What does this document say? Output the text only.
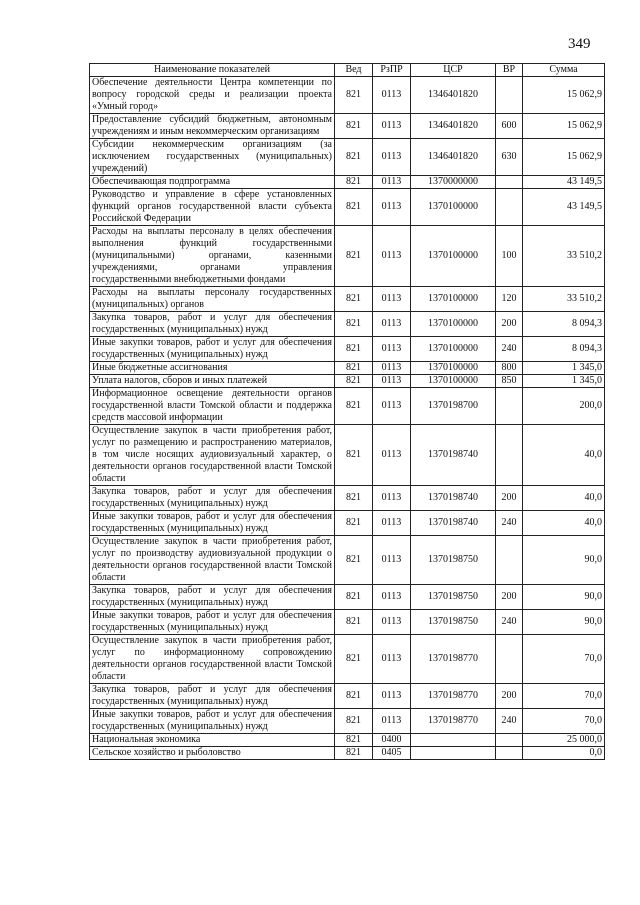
349
Наименование показателей	Вед	РзПР	ЦСР	ВР	Сумма
Обеспечение деятельности Центра компетенции по вопросу городской среды и реализации проекта «Умный город»	821	0113	1346401820		15 062,9
Предоставление субсидий бюджетным, автономным учреждениям и иным некоммерческим организациям	821	0113	1346401820	600	15 062,9
Субсидии некоммерческим организациям (за исключением государственных (муниципальных) учреждений)	821	0113	1346401820	630	15 062,9
Обеспечивающая подпрограмма	821	0113	1370000000		43 149,5
Руководство и управление в сфере установленных функций органов государственной власти субъекта Российской Федерации	821	0113	1370100000		43 149,5
Расходы на выплаты персоналу в целях обеспечения выполнения функций государственными (муниципальными) органами, казенными учреждениями, органами управления государственными внебюджетными фондами	821	0113	1370100000	100	33 510,2
Расходы на выплаты персоналу государственных (муниципальных) органов	821	0113	1370100000	120	33 510,2
Закупка товаров, работ и услуг для обеспечения государственных (муниципальных) нужд	821	0113	1370100000	200	8 094,3
Иные закупки товаров, работ и услуг для обеспечения государственных (муниципальных) нужд	821	0113	1370100000	240	8 094,3
Иные бюджетные ассигнования	821	0113	1370100000	800	1 345,0
Уплата налогов, сборов и иных платежей	821	0113	1370100000	850	1 345,0
Информационное освещение деятельности органов государственной власти Томской области и поддержка средств массовой информации	821	0113	1370198700		200,0
Осуществление закупок в части приобретения работ, услуг по размещению и распространению материалов, в том числе носящих аудиовизуальный характер, о деятельности органов государственной власти Томской области	821	0113	1370198740		40,0
Закупка товаров, работ и услуг для обеспечения государственных (муниципальных) нужд	821	0113	1370198740	200	40,0
Иные закупки товаров, работ и услуг для обеспечения государственных (муниципальных) нужд	821	0113	1370198740	240	40,0
Осуществление закупок в части приобретения работ, услуг по производству аудиовизуальной продукции о деятельности органов государственной власти Томской области	821	0113	1370198750		90,0
Закупка товаров, работ и услуг для обеспечения государственных (муниципальных) нужд	821	0113	1370198750	200	90,0
Иные закупки товаров, работ и услуг для обеспечения государственных (муниципальных) нужд	821	0113	1370198750	240	90,0
Осуществление закупок в части приобретения работ, услуг по информационному сопровождению деятельности органов государственной власти Томской области	821	0113	1370198770		70,0
Закупка товаров, работ и услуг для обеспечения государственных (муниципальных) нужд	821	0113	1370198770	200	70,0
Иные закупки товаров, работ и услуг для обеспечения государственных (муниципальных) нужд	821	0113	1370198770	240	70,0
Национальная экономика	821	0400			25 000,0
Сельское хозяйство и рыболовство	821	0405			0,0
